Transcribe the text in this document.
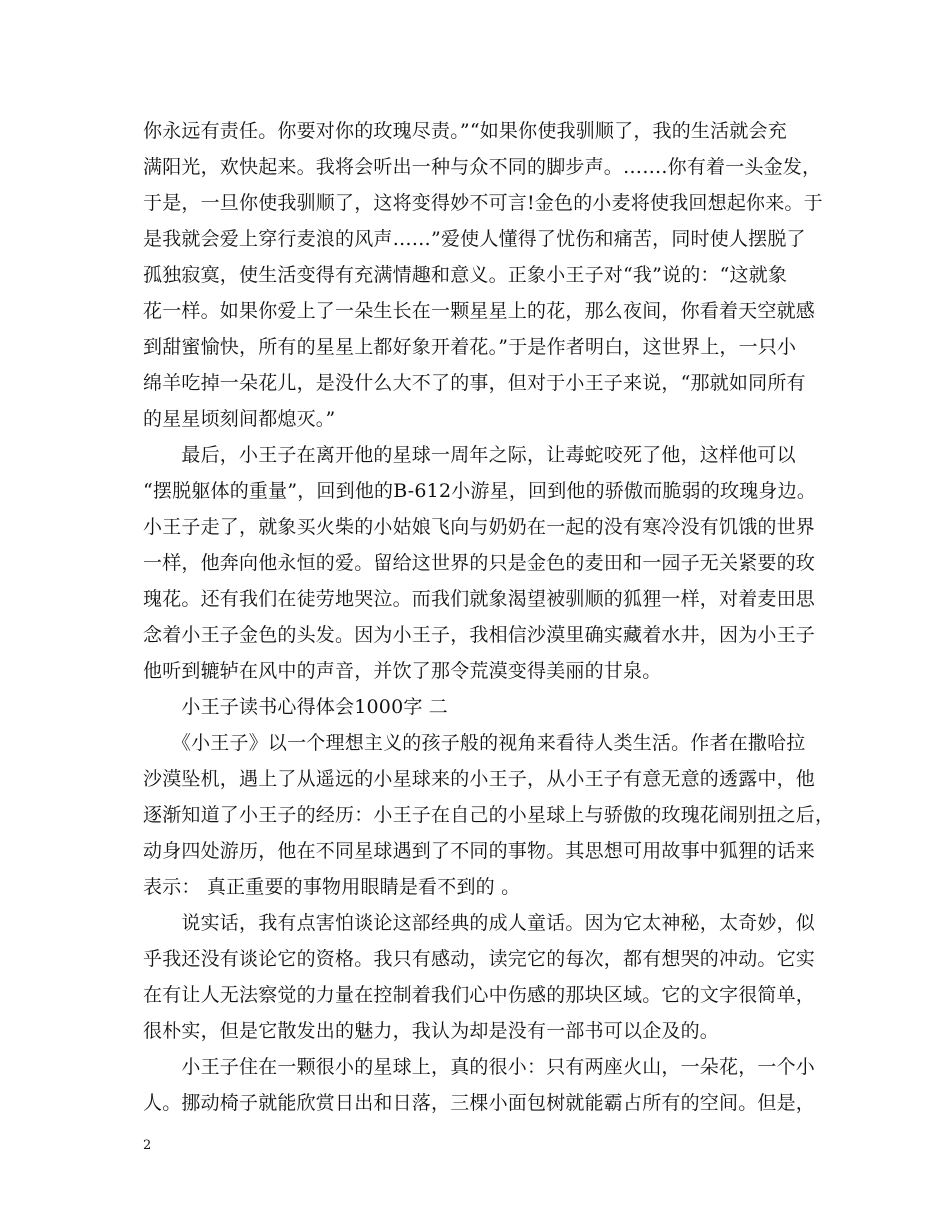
你永远有责任。你要对你的玫瑰尽责。”“如果你使我驯顺了，我的生活就会充
满阳光，欢快起来。我将会听出一种与众不同的脚步声。…….你有着一头金发，
于是，一旦你使我驯顺了，这将变得妙不可言!金色的小麦将使我回想起你来。于
是我就会爱上穿行麦浪的风声……”爱使人懂得了忧伤和痛苦，同时使人摆脱了
孤独寂寞，使生活变得有充满情趣和意义。正象小王子对“我”说的：“这就象
花一样。如果你爱上了一朵生长在一颗星星上的花，那么夜间，你看着天空就感
到甜蜜愉快，所有的星星上都好象开着花。”于是作者明白，这世界上，一只小
绵羊吃掉一朵花儿，是没什么大不了的事，但对于小王子来说，“那就如同所有
的星星顷刻间都熄灭。”
　　最后，小王子在离开他的星球一周年之际，让毒蛇咬死了他，这样他可以
“摆脱躯体的重量”，回到他的B-612小游星，回到他的骄傲而脆弱的玫瑰身边。
小王子走了，就象买火柴的小姑娘飞向与奶奶在一起的没有寒冷没有饥饿的世界
一样，他奔向他永恒的爱。留给这世界的只是金色的麦田和一园子无关紧要的玫
瑰花。还有我们在徒劳地哭泣。而我们就象渴望被驯顺的狐狸一样，对着麦田思
念着小王子金色的头发。因为小王子，我相信沙漠里确实藏着水井，因为小王子
他听到辘轳在风中的声音，并饮了那令荒漠变得美丽的甘泉。
　　小王子读书心得体会1000字 二
　　《小王子》以一个理想主义的孩子般的视角来看待人类生活。作者在撒哈拉
沙漠坠机，遇上了从遥远的小星球来的小王子，从小王子有意无意的透露中，他
逐渐知道了小王子的经历：小王子在自己的小星球上与骄傲的玫瑰花闹别扭之后，
动身四处游历，他在不同星球遇到了不同的事物。其思想可用故事中狐狸的话来
表示： 真正重要的事物用眼睛是看不到的 。
　　说实话，我有点害怕谈论这部经典的成人童话。因为它太神秘，太奇妙，似
乎我还没有谈论它的资格。我只有感动，读完它的每次，都有想哭的冲动。它实
在有让人无法察觉的力量在控制着我们心中伤感的那块区域。它的文字很简单，
很朴实，但是它散发出的魅力，我认为却是没有一部书可以企及的。
　　小王子住在一颗很小的星球上，真的很小：只有两座火山，一朵花，一个小
人。挪动椅子就能欣赏日出和日落，三棵小面包树就能霸占所有的空间。但是，
2
